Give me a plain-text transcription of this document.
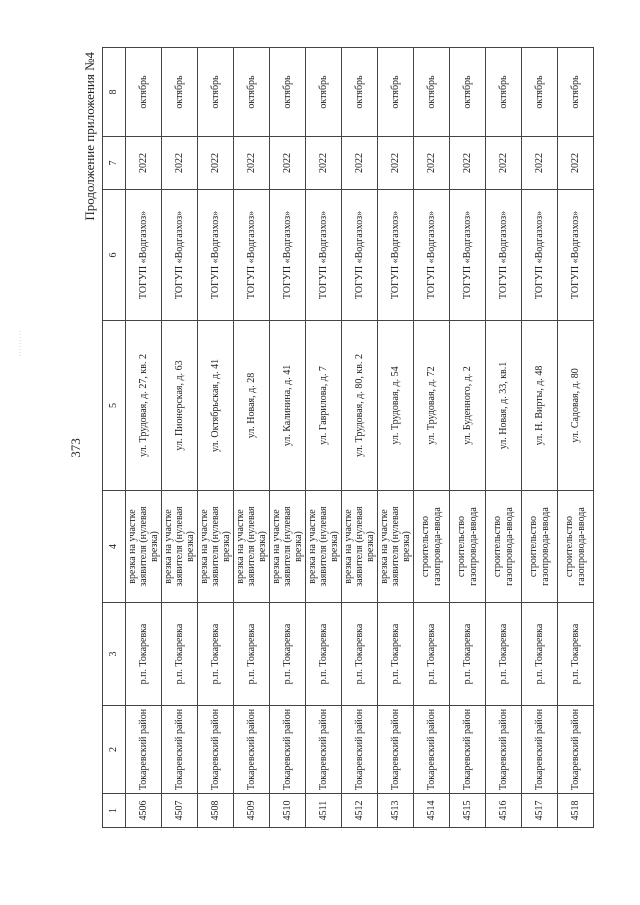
·········
373
Продолжение приложения №4
1	2	3	4	5	6	7	8
4506	Токаревский район	р.п. Токаревка	врезка на участке заявителя (нулевая врезка)	ул. Трудовая, д. 27, кв. 2	ТОГУП «Водгазхоз»	2022	октябрь
4507	Токаревский район	р.п. Токаревка	врезка на участке заявителя (нулевая врезка)	ул. Пионерская, д. 63	ТОГУП «Водгазхоз»	2022	октябрь
4508	Токаревский район	р.п. Токаревка	врезка на участке заявителя (нулевая врезка)	ул. Октябрьская, д. 41	ТОГУП «Водгазхоз»	2022	октябрь
4509	Токаревский район	р.п. Токаревка	врезка на участке заявителя (нулевая врезка)	ул. Новая, д. 28	ТОГУП «Водгазхоз»	2022	октябрь
4510	Токаревский район	р.п. Токаревка	врезка на участке заявителя (нулевая врезка)	ул. Калинина, д. 41	ТОГУП «Водгазхоз»	2022	октябрь
4511	Токаревский район	р.п. Токаревка	врезка на участке заявителя (нулевая врезка)	ул. Гаврилова, д. 7	ТОГУП «Водгазхоз»	2022	октябрь
4512	Токаревский район	р.п. Токаревка	врезка на участке заявителя (нулевая врезка)	ул. Трудовая, д. 80, кв. 2	ТОГУП «Водгазхоз»	2022	октябрь
4513	Токаревский район	р.п. Токаревка	врезка на участке заявителя (нулевая врезка)	ул. Трудовая, д. 54	ТОГУП «Водгазхоз»	2022	октябрь
4514	Токаревский район	р.п. Токаревка	строительство газопровода-ввода	ул. Трудовая, д. 72	ТОГУП «Водгазхоз»	2022	октябрь
4515	Токаревский район	р.п. Токаревка	строительство газопровода-ввода	ул. Буденного, д. 2	ТОГУП «Водгазхоз»	2022	октябрь
4516	Токаревский район	р.п. Токаревка	строительство газопровода-ввода	ул. Новая, д. 33, кв.1	ТОГУП «Водгазхоз»	2022	октябрь
4517	Токаревский район	р.п. Токаревка	строительство газопровода-ввода	ул. Н. Вирты, д. 48	ТОГУП «Водгазхоз»	2022	октябрь
4518	Токаревский район	р.п. Токаревка	строительство газопровода-ввода	ул. Садовая, д. 80	ТОГУП «Водгазхоз»	2022	октябрь
